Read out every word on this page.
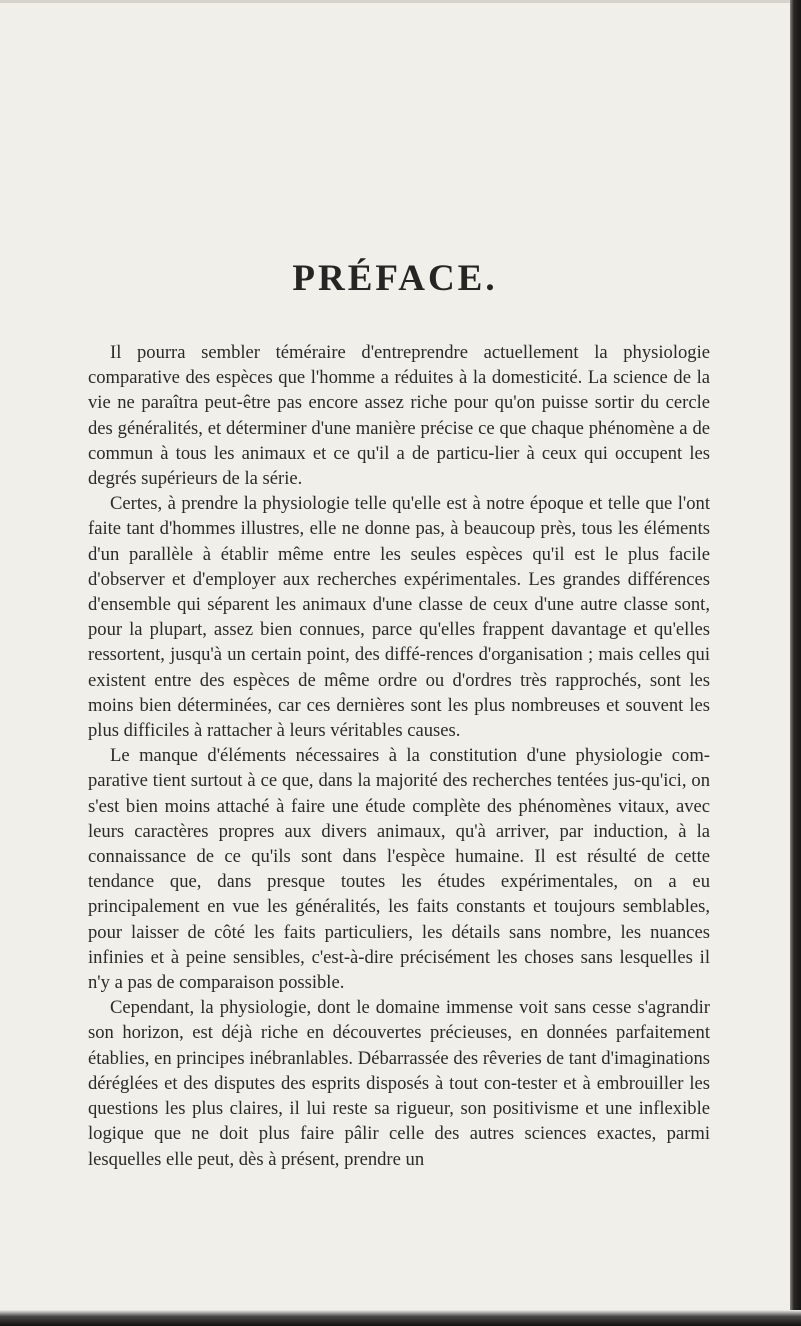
PRÉFACE.

Il pourra sembler téméraire d'entreprendre actuellement la physiologie comparative des espèces que l'homme a réduites à la domesticité. La science de la vie ne paraîtra peut-être pas encore assez riche pour qu'on puisse sortir du cercle des généralités, et déterminer d'une manière précise ce que chaque phénomène a de commun à tous les animaux et ce qu'il a de particu-lier à ceux qui occupent les degrés supérieurs de la série.

Certes, à prendre la physiologie telle qu'elle est à notre époque et telle que l'ont faite tant d'hommes illustres, elle ne donne pas, à beaucoup près, tous les éléments d'un parallèle à établir même entre les seules espèces qu'il est le plus facile d'observer et d'employer aux recherches expérimentales. Les grandes différences d'ensemble qui séparent les animaux d'une classe de ceux d'une autre classe sont, pour la plupart, assez bien connues, parce qu'elles frappent davantage et qu'elles ressortent, jusqu'à un certain point, des diffé-rences d'organisation ; mais celles qui existent entre des espèces de même ordre ou d'ordres très rapprochés, sont les moins bien déterminées, car ces dernières sont les plus nombreuses et souvent les plus difficiles à rattacher à leurs véritables causes.

Le manque d'éléments nécessaires à la constitution d'une physiologie com-parative tient surtout à ce que, dans la majorité des recherches tentées jus-qu'ici, on s'est bien moins attaché à faire une étude complète des phénomènes vitaux, avec leurs caractères propres aux divers animaux, qu'à arriver, par induction, à la connaissance de ce qu'ils sont dans l'espèce humaine. Il est résulté de cette tendance que, dans presque toutes les études expérimentales, on a eu principalement en vue les généralités, les faits constants et toujours semblables, pour laisser de côté les faits particuliers, les détails sans nombre, les nuances infinies et à peine sensibles, c'est-à-dire précisément les choses sans lesquelles il n'y a pas de comparaison possible.

Cependant, la physiologie, dont le domaine immense voit sans cesse s'agrandir son horizon, est déjà riche en découvertes précieuses, en données parfaitement établies, en principes inébranlables. Débarrassée des rêveries de tant d'imaginations déréglées et des disputes des esprits disposés à tout con-tester et à embrouiller les questions les plus claires, il lui reste sa rigueur, son positivisme et une inflexible logique que ne doit plus faire pâlir celle des autres sciences exactes, parmi lesquelles elle peut, dès à présent, prendre un
